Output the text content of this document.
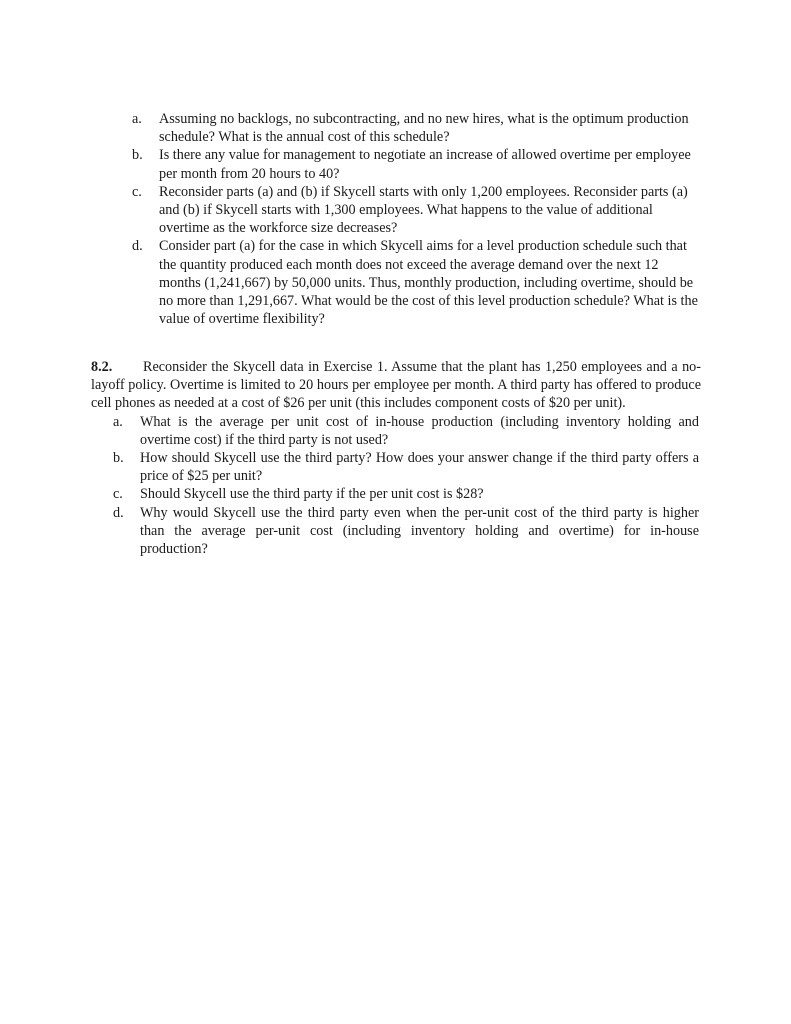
a.	Assuming no backlogs, no subcontracting, and no new hires, what is the optimum production schedule? What is the annual cost of this schedule?
b.	Is there any value for management to negotiate an increase of allowed overtime per employee per month from 20 hours to 40?
c.	Reconsider parts (a) and (b) if Skycell starts with only 1,200 employees. Reconsider parts (a) and (b) if Skycell starts with 1,300 employees. What happens to the value of additional overtime as the workforce size decreases?
d.	Consider part (a) for the case in which Skycell aims for a level production schedule such that the quantity produced each month does not exceed the average demand over the next 12 months (1,241,667) by 50,000 units. Thus, monthly production, including overtime, should be no more than 1,291,667. What would be the cost of this level production schedule? What is the value of overtime flexibility?
8.2. Reconsider the Skycell data in Exercise 1. Assume that the plant has 1,250 employees and a no-layoff policy. Overtime is limited to 20 hours per employee per month. A third party has offered to produce cell phones as needed at a cost of $26 per unit (this includes component costs of $20 per unit).
a.	What is the average per unit cost of in-house production (including inventory holding and overtime cost) if the third party is not used?
b.	How should Skycell use the third party? How does your answer change if the third party offers a price of $25 per unit?
c.	Should Skycell use the third party if the per unit cost is $28?
d.	Why would Skycell use the third party even when the per-unit cost of the third party is higher than the average per-unit cost (including inventory holding and overtime) for in-house production?
